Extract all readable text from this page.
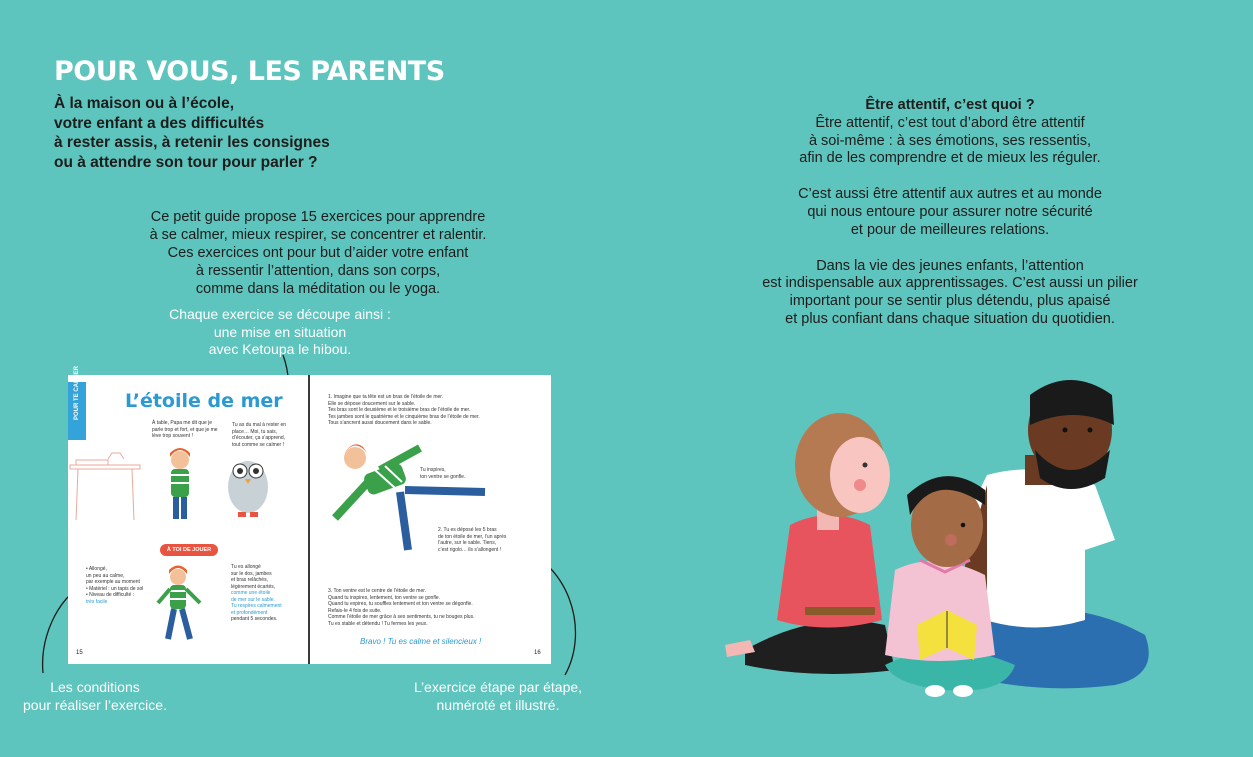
POUR VOUS, LES PARENTS
À la maison ou à l’école,
votre enfant a des difficultés
à rester assis, à retenir les consignes
ou à attendre son tour pour parler ?
Ce petit guide propose 15 exercices pour apprendre
à se calmer, mieux respirer, se concentrer et ralentir.
Ces exercices ont pour but d’aider votre enfant
à ressentir l’attention, dans son corps,
comme dans la méditation ou le yoga.
Chaque exercice se découpe ainsi :
une mise en situation
avec Ketoupa le hibou.
Les conditions
pour réaliser l’exercice.
L’exercice étape par étape,
numéroté et illustré.
POUR TE CALMER L’étoile de mer
À table, Papa me dit que je parle trop et fort, et que je me lève trop souvent !
Tu as du mal à rester en place… Moi, tu sais, d’écouter, ça s’apprend, tout comme se calmer !
À TOI DE JOUER
• Allongé,
un peu au calme,
par exemple au moment
• Matériel : un tapis de sol
• Niveau de difficulté :
très facile
Tu es allongé
sur le dos, jambes
et bras relâchés,
légèrement écartés,
comme une étoile
de mer sur le sable.
Tu respires calmement
et profondément
pendant 5 secondes.
15	16
1. Imagine que ta tête est un bras de l’étoile de mer.
Elle se dépose doucement sur le sable.
Tes bras sont le deuxième et le troisième bras de l’étoile de mer.
Tes jambes sont le quatrième et le cinquième bras de l’étoile de mer.
Tous s’ancrent aussi doucement dans le sable.
Tu inspires,
ton ventre se gonfle.
2. Tu es déposé les 5 bras
de ton étoile de mer, l’un après
l’autre, sur le sable. Tiens,
c’est rigolo… ils s’allongent !
3. Ton ventre est le centre de l’étoile de mer.
Quand tu inspires, lentement, ton ventre se gonfle.
Quand tu expires, tu souffles lentement et ton ventre se dégonfle.
Refais-le 4 fois de suite.
Comme l’étoile de mer grâce à ses sentiments, tu ne bouges plus.
Tu es stable et détendu ! Tu fermes les yeux.
Bravo ! Tu es calme et silencieux !
Être attentif, c’est quoi ?
Être attentif, c’est tout d’abord être attentif
à soi-même : à ses émotions, ses ressentis,
afin de les comprendre et de mieux les réguler.
C’est aussi être attentif aux autres et au monde
qui nous entoure pour assurer notre sécurité
et pour de meilleures relations.
Dans la vie des jeunes enfants, l’attention
est indispensable aux apprentissages. C’est aussi un pilier
important pour se sentir plus détendu, plus apaisé
et plus confiant dans chaque situation du quotidien.
